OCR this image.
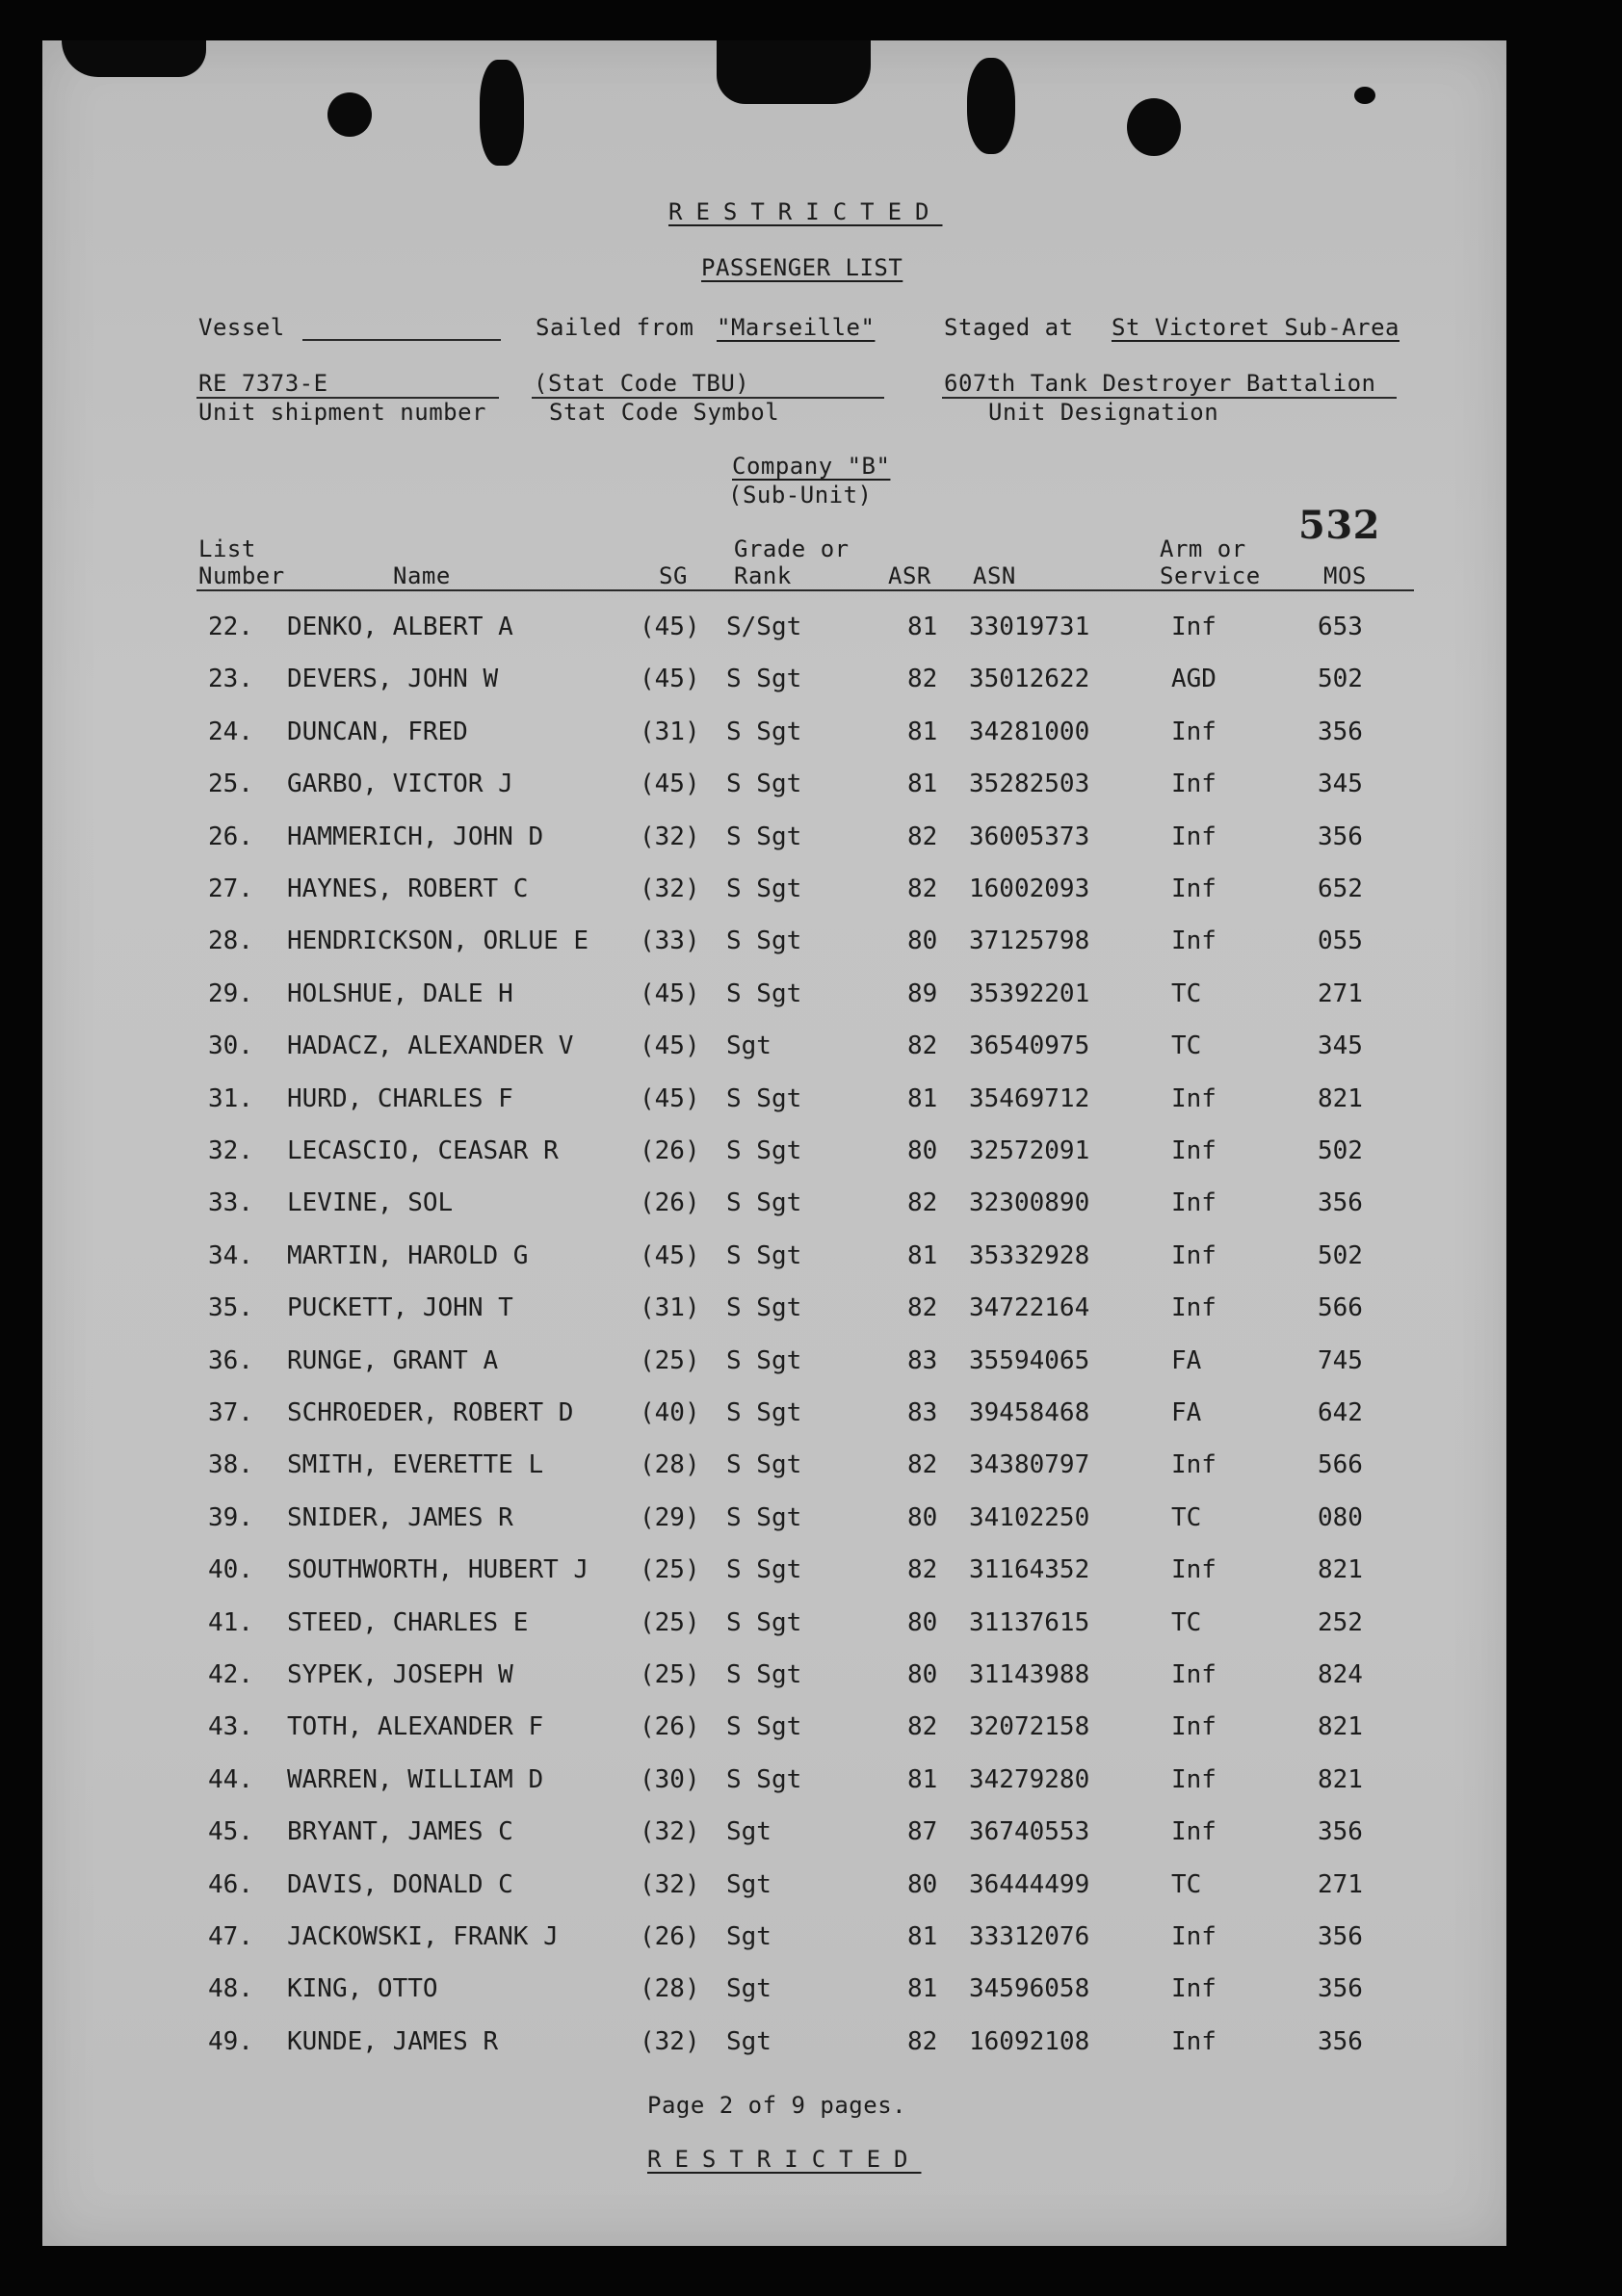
RESTRICTED
PASSENGER LIST
Vessel	Sailed from "Marseille"	Staged at St Victoret Sub-Area
RE 7373-E
Unit shipment number
(Stat Code TBU)
Stat Code Symbol
607th Tank Destroyer Battalion
Unit Designation
Company "B"
(Sub-Unit)
532
List
Number	Name	SG
Grade or
Rank	ASR ASN
Arm or
Service	MOS
22. DENKO, ALBERT A	(45) S/Sgt	81 33019731	Inf	653
23. DEVERS, JOHN W	(45) S Sgt	82 35012622	AGD	502
24. DUNCAN, FRED	(31) S Sgt	81 34281000	Inf	356
25. GARBO, VICTOR J	(45) S Sgt	81 35282503	Inf	345
26. HAMMERICH, JOHN D	(32) S Sgt	82 36005373	Inf	356
27. HAYNES, ROBERT C	(32) S Sgt	82 16002093	Inf	652
28. HENDRICKSON, ORLUE E (33) S Sgt	80 37125798	Inf	055
29. HOLSHUE, DALE H	(45) S Sgt	89 35392201	TC	271
30. HADACZ, ALEXANDER V	(45) Sgt	82 36540975	TC	345
31. HURD, CHARLES F	(45) S Sgt	81 35469712	Inf	821
32. LECASCIO, CEASAR R	(26) S Sgt	80 32572091	Inf	502
33. LEVINE, SOL	(26) S Sgt	82 32300890	Inf	356
34. MARTIN, HAROLD G	(45) S Sgt	81 35332928	Inf	502
35. PUCKETT, JOHN T	(31) S Sgt	82 34722164	Inf	566
36. RUNGE, GRANT A	(25) S Sgt	83 35594065	FA	745
37. SCHROEDER, ROBERT D	(40) S Sgt	83 39458468	FA	642
38. SMITH, EVERETTE L	(28) S Sgt	82 34380797	Inf	566
39. SNIDER, JAMES R	(29) S Sgt	80 34102250	TC	080
40. SOUTHWORTH, HUBERT J (25) S Sgt	82 31164352	Inf	821
41. STEED, CHARLES E	(25) S Sgt	80 31137615	TC	252
42. SYPEK, JOSEPH W	(25) S Sgt	80 31143988	Inf	824
43. TOTH, ALEXANDER F	(26) S Sgt	82 32072158	Inf	821
44. WARREN, WILLIAM D	(30) S Sgt	81 34279280	Inf	821
45. BRYANT, JAMES C	(32) Sgt	87 36740553	Inf	356
46. DAVIS, DONALD C	(32) Sgt	80 36444499	TC	271
47. JACKOWSKI, FRANK J	(26) Sgt	81 33312076	Inf	356
48. KING, OTTO	(28) Sgt	81 34596058	Inf	356
49. KUNDE, JAMES R	(32) Sgt	82 16092108	Inf	356
Page 2 of 9 pages.
RESTRICTED
